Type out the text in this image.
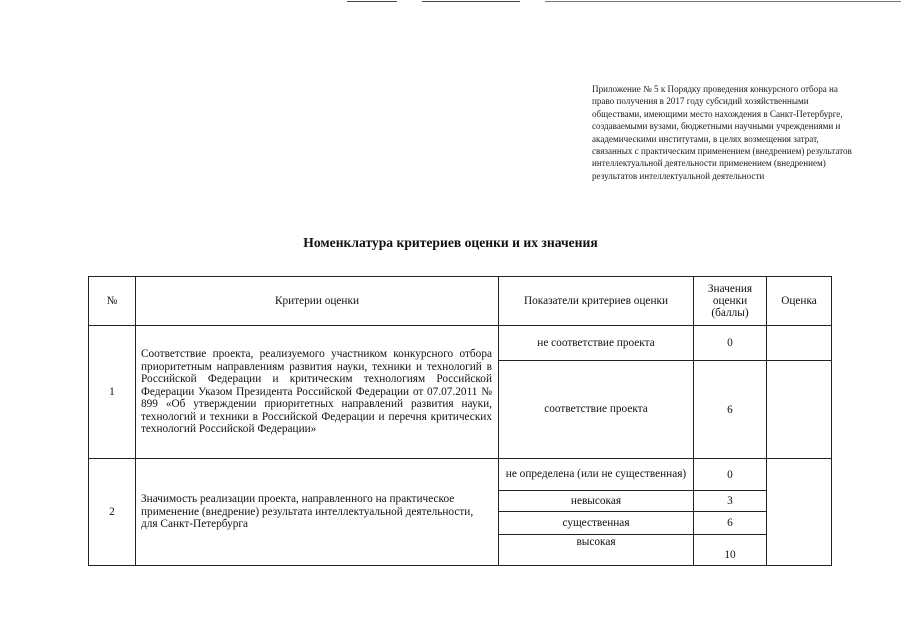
Приложение № 5 к Порядку проведения конкурсного отбора на право получения в 2017 году субсидий хозяйственными обществами, имеющими место нахождения в Санкт-Петербурге, создаваемыми вузами, бюджетными научными учреждениями и академическими институтами, в целях возмещения затрат, связанных с практическим применением (внедрением) результатов интеллектуальной деятельности применением (внедрением) результатов интеллектуальной деятельности
Номенклатура критериев оценки и их значения
№	Критерии оценки	Показатели критериев оценки	Значения оценки (баллы)	Оценка
1	Соответствие проекта, реализуемого участником конкурсного отбора приоритетным направлениям развития науки, техники и технологий в Российской Федерации и критическим технологиям Российской Федерации Указом Президента Российской Федерации от 07.07.2011 № 899 «Об утверждении приоритетных направлений развития науки, технологий и техники в Российской Федерации и перечня критических технологий Российской Федерации»	не соответствие проекта	0	
		соответствие проекта	6	
2	Значимость реализации проекта, направленного на практическое применение (внедрение) результата интеллектуальной деятельности, для Санкт-Петербурга	не определена (или не существенная)	0	
		невысокая	3	
		существенная	6	
		высокая	10	
